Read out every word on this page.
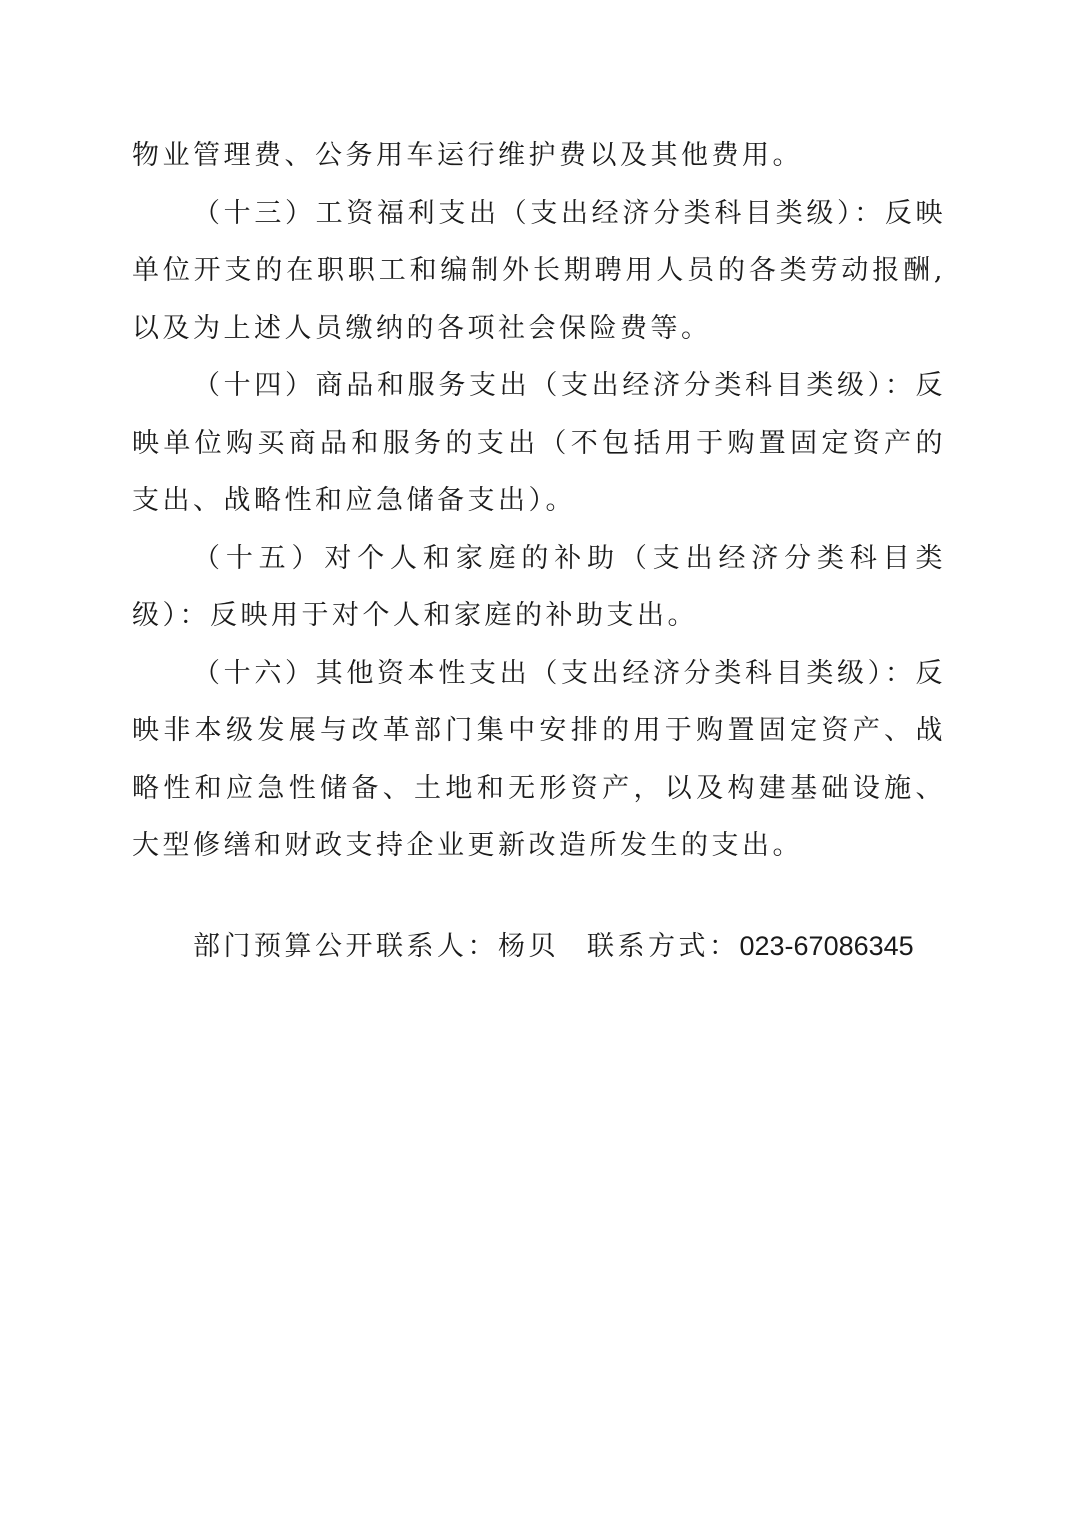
物业管理费、公务用车运行维护费以及其他费用。

（十三）工资福利支出（支出经济分类科目类级）：反映单位开支的在职职工和编制外长期聘用人员的各类劳动报酬,以及为上述人员缴纳的各项社会保险费等。

（十四）商品和服务支出（支出经济分类科目类级）：反映单位购买商品和服务的支出（不包括用于购置固定资产的支出、战略性和应急储备支出）。

（十五）对个人和家庭的补助（支出经济分类科目类级）：反映用于对个人和家庭的补助支出。

（十六）其他资本性支出（支出经济分类科目类级）：反映非本级发展与改革部门集中安排的用于购置固定资产、战略性和应急性储备、土地和无形资产，以及构建基础设施、大型修缮和财政支持企业更新改造所发生的支出。

部门预算公开联系人：杨贝 联系方式：023-67086345
